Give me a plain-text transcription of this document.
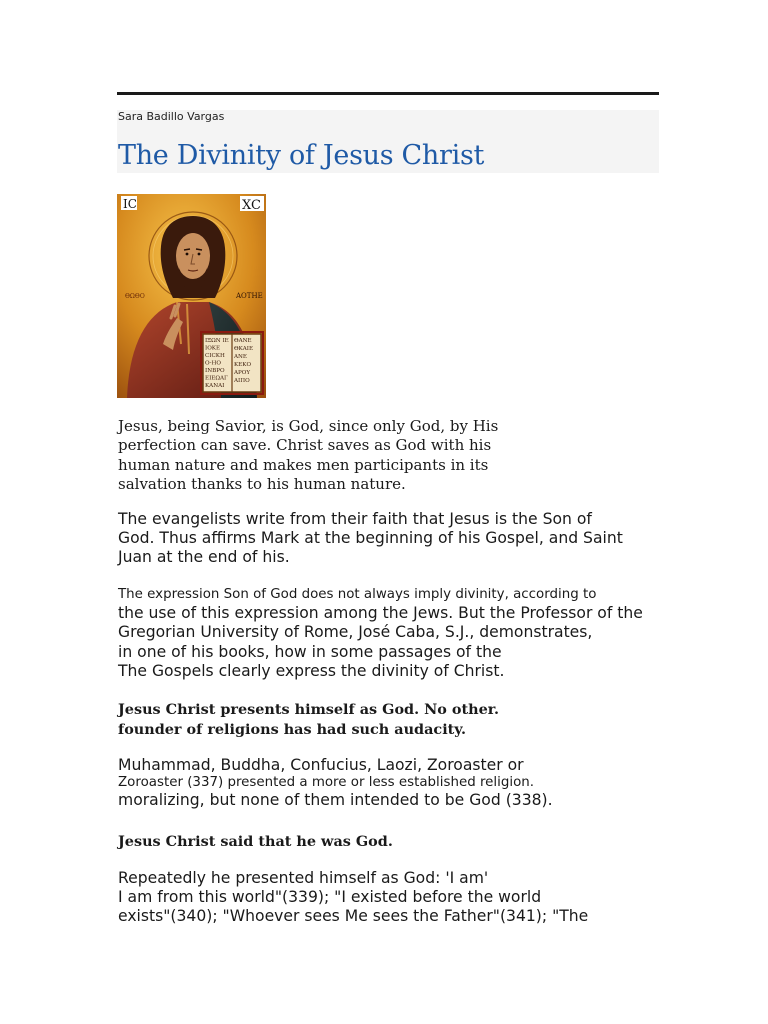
Sara Badillo Vargas
The Divinity of Jesus Christ
IC	XC
ΘΩΘΟ	ΑΟΤΗΕ
ΙΞΩΝ ΙΕ
ΙΟΚΕ
CICKΗ
Ο-ΗΟ
ΙΝΒΡΟ
ΕΙΕΩΑΓ
ΚΑΝΑΙ
ΘΑΝΕ
ΘΚΑΙΕ
ΑΝΕ
ΚΕΚΟ
ΑΡΟΥ
ΑΙΠΟ
Jesus, being Savior, is God, since only God, by His
perfection can save. Christ saves as God with his
human nature and makes men participants in its
salvation thanks to his human nature.
The evangelists write from their faith that Jesus is the Son of
God. Thus affirms Mark at the beginning of his Gospel, and Saint
Juan at the end of his.
The expression Son of God does not always imply divinity, according to
the use of this expression among the Jews. But the Professor of the
Gregorian University of Rome, José Caba, S.J., demonstrates,
in one of his books, how in some passages of the
The Gospels clearly express the divinity of Christ.
Jesus Christ presents himself as God. No other.
founder of religions has had such audacity.
Muhammad, Buddha, Confucius, Laozi, Zoroaster or
Zoroaster (337) presented a more or less established religion.
moralizing, but none of them intended to be God (338).
Jesus Christ said that he was God.
Repeatedly he presented himself as God: 'I am'
I am from this world"(339); "I existed before the world
exists"(340); "Whoever sees Me sees the Father"(341); "The
